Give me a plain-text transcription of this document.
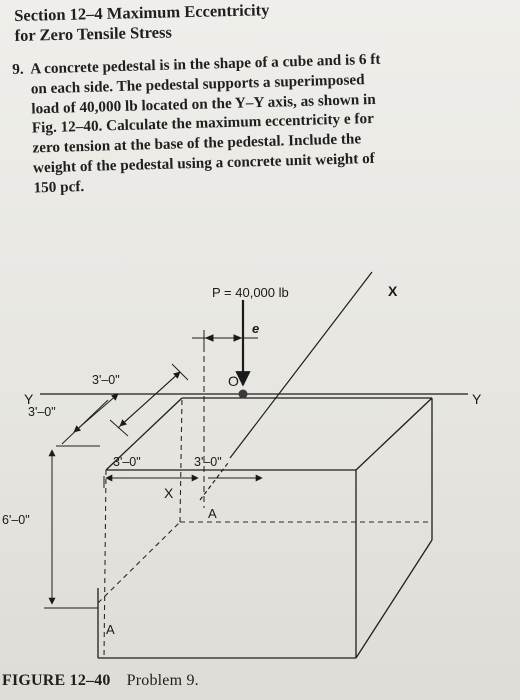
Section 12–4 Maximum Eccentricity
for Zero Tensile Stress
9. A concrete pedestal is in the shape of a cube and is 6 ft
on each side. The pedestal supports a superimposed
load of 40,000 lb located on the Y–Y axis, as shown in
Fig. 12–40. Calculate the maximum eccentricity e for
zero tension at the base of the pedestal. Include the
weight of the pedestal using a concrete unit weight of
150 pcf.
P = 40,000 lb	X
e
Y	Y
O
3'–0"
3'–0"
3'–0"	3'–0"
X
A
6'–0"
A
FIGURE 12–40 Problem 9.
